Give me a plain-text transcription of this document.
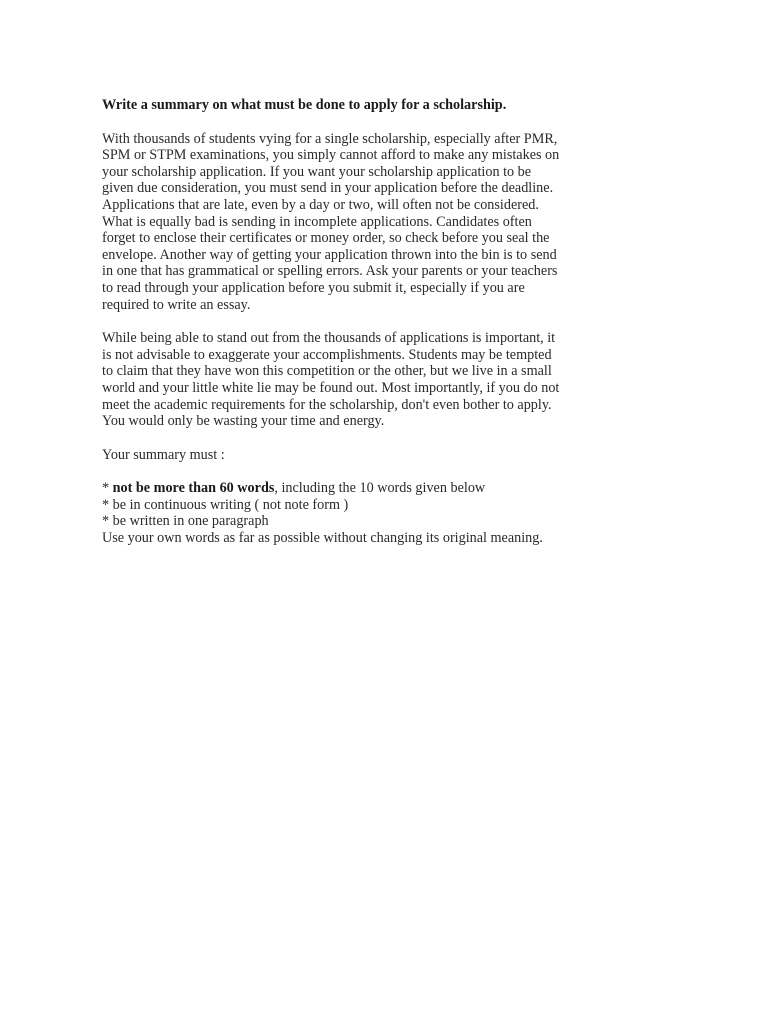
Write a summary on what must be done to apply for a scholarship.

With thousands of students vying for a single scholarship, especially after PMR,
SPM or STPM examinations, you simply cannot afford to make any mistakes on
your scholarship application. If you want your scholarship application to be
given due consideration, you must send in your application before the deadline.
Applications that are late, even by a day or two, will often not be considered.
What is equally bad is sending in incomplete applications. Candidates often
forget to enclose their certificates or money order, so check before you seal the
envelope. Another way of getting your application thrown into the bin is to send
in one that has grammatical or spelling errors. Ask your parents or your teachers
to read through your application before you submit it, especially if you are
required to write an essay.
While being able to stand out from the thousands of applications is important, it
is not advisable to exaggerate your accomplishments. Students may be tempted
to claim that they have won this competition or the other, but we live in a small
world and your little white lie may be found out. Most importantly, if you do not
meet the academic requirements for the scholarship, don't even bother to apply.
You would only be wasting your time and energy.

Your summary must :

* not be more than 60 words, including the 10 words given below
* be in continuous writing ( not note form )
* be written in one paragraph
Use your own words as far as possible without changing its original meaning.
